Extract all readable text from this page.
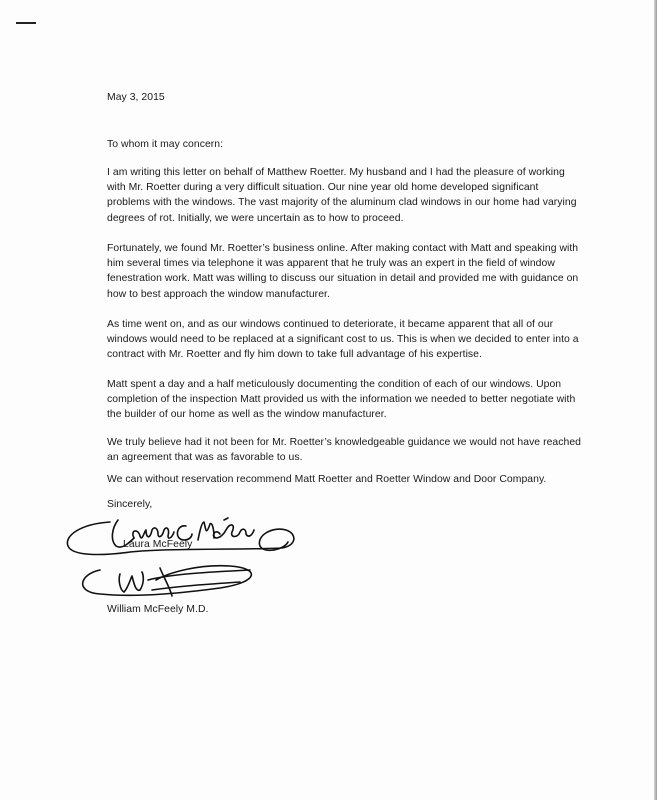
May 3, 2015
To whom it may concern:
I am writing this letter on behalf of Matthew Roetter. My husband and I had the pleasure of working
with Mr. Roetter during a very difficult situation. Our nine year old home developed significant
problems with the windows. The vast majority of the aluminum clad windows in our home had varying
degrees of rot. Initially, we were uncertain as to how to proceed.
Fortunately, we found Mr. Roetter’s business online. After making contact with Matt and speaking with
him several times via telephone it was apparent that he truly was an expert in the field of window
fenestration work. Matt was willing to discuss our situation in detail and provided me with guidance on
how to best approach the window manufacturer.
As time went on, and as our windows continued to deteriorate, it became apparent that all of our
windows would need to be replaced at a significant cost to us. This is when we decided to enter into a
contract with Mr. Roetter and fly him down to take full advantage of his expertise.
Matt spent a day and a half meticulously documenting the condition of each of our windows. Upon
completion of the inspection Matt provided us with the information we needed to better negotiate with
the builder of our home as well as the window manufacturer.
We truly believe had it not been for Mr. Roetter’s knowledgeable guidance we would not have reached
an agreement that was as favorable to us.
We can without reservation recommend Matt Roetter and Roetter Window and Door Company.
Sincerely,
Laura McFeely
William McFeely M.D.
